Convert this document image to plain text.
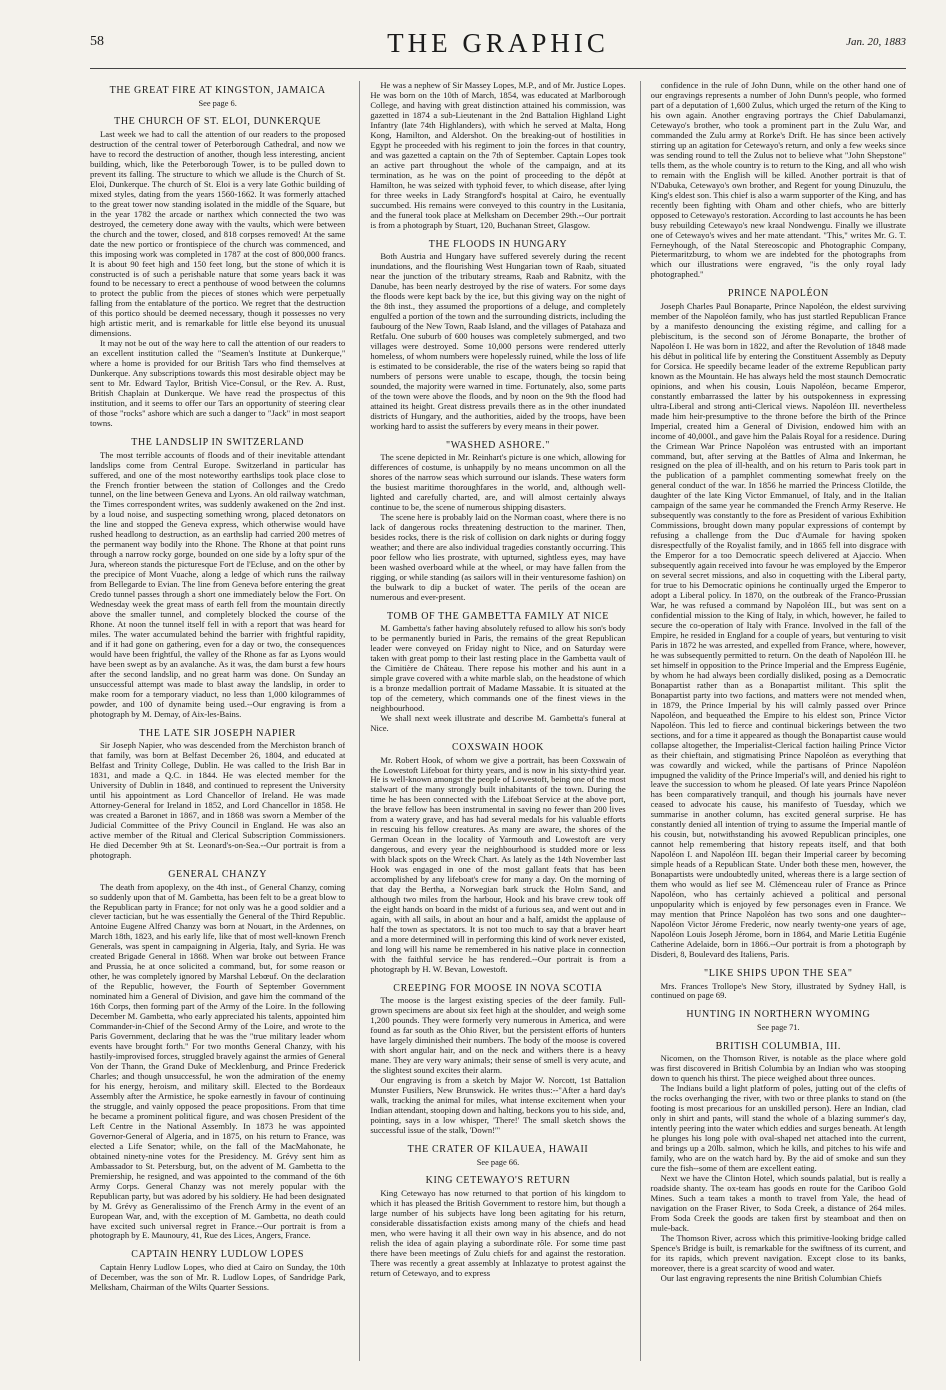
58	THE GRAPHIC	Jan. 20, 1883
THE GREAT FIRE AT KINGSTON, JAMAICA
See page 6.
THE CHURCH OF ST. ELOI, DUNKERQUE

Last week we had to call the attention of our readers to the proposed destruction of the central tower of Peterborough Cathedral, and now we have to record the destruction of another, though less interesting, ancient building, which, like the Peterborough Tower, is to be pulled down to prevent its falling. The structure to which we allude is the Church of St. Eloi, Dunkerque. The church of St. Eloi is a very late Gothic building of mixed styles, dating from the years 1560-1662. It was formerly attached to the great tower now standing isolated in the middle of the Square, but in the year 1782 the arcade or narthex which connected the two was destroyed, the cemetery done away with the vaults, which were between the church and the tower, closed, and 818 corpses removed! At the same date the new portico or frontispiece of the church was commenced, and this imposing work was completed in 1787 at the cost of 800,000 francs. It is about 90 feet high and 150 feet long, but the stone of which it is constructed is of such a perishable nature that some years back it was found to be necessary to erect a penthouse of wood between the columns to protect the public from the pieces of stones which were perpetually falling from the entablature of the portico. We regret that the destruction of this portico should be deemed necessary, though it possesses no very high artistic merit, and is remarkable for little else beyond its unusual dimensions.

It may not be out of the way here to call the attention of our readers to an excellent institution called the "Seamen's Institute at Dunkerque," where a home is provided for our British Tars who find themselves at Dunkerque. Any subscriptions towards this most desirable object may be sent to Mr. Edward Taylor, British Vice-Consul, or the Rev. A. Rust, British Chaplain at Dunkerque. We have read the prospectus of this institution, and it seems to offer our Tars an opportunity of steering clear of those "rocks" ashore which are such a danger to "Jack" in most seaport towns.

THE LANDSLIP IN SWITZERLAND

The most terrible accounts of floods and of their inevitable attendant landslips come from Central Europe. Switzerland in particular has suffered, and one of the most noteworthy earthslips took place close to the French frontier between the station of Collonges and the Credo tunnel, on the line between Geneva and Lyons. An old railway watchman, the Times correspondent writes, was suddenly awakened on the 2nd inst. by a loud noise, and suspecting something wrong, placed detonators on the line and stopped the Geneva express, which otherwise would have rushed headlong to destruction, as an earthslip had carried 200 metres of the permanent way bodily into the Rhone. The Rhone at that point runs through a narrow rocky gorge, bounded on one side by a lofty spur of the Jura, whereon stands the picturesque Fort de l'Ecluse, and on the other by the precipice of Mont Vuache, along a ledge of which runs the railway from Bellegarde to Evian. The line from Geneva before entering the great Credo tunnel passes through a short one immediately below the Fort. On Wednesday week the great mass of earth fell from the mountain directly above the smaller tunnel, and completely blocked the course of the Rhone. At noon the tunnel itself fell in with a report that was heard for miles. The water accumulated behind the barrier with frightful rapidity, and if it had gone on gathering, even for a day or two, the consequences would have been frightful, the valley of the Rhone as far as Lyons would have been swept as by an avalanche. As it was, the dam burst a few hours after the second landslip, and no great harm was done. On Sunday an unsuccessful attempt was made to blast away the landslip, in order to make room for a temporary viaduct, no less than 1,000 kilogrammes of powder, and 100 of dynamite being used.--Our engraving is from a photograph by M. Demay, of Aix-les-Bains.

THE LATE SIR JOSEPH NAPIER

Sir Joseph Napier, who was descended from the Merchiston branch of that family, was born at Belfast December 26, 1804, and educated at Belfast and Trinity College, Dublin. He was called to the Irish Bar in 1831, and made a Q.C. in 1844. He was elected member for the University of Dublin in 1848, and continued to represent the University until his appointment as Lord Chancellor of Ireland. He was made Attorney-General for Ireland in 1852, and Lord Chancellor in 1858. He was created a Baronet in 1867, and in 1868 was sworn a Member of the Judicial Committee of the Privy Council in England. He was also an active member of the Ritual and Clerical Subscription Commissioners. He died December 9th at St. Leonard's-on-Sea.--Our portrait is from a photograph.

GENERAL CHANZY

The death from apoplexy, on the 4th inst., of General Chanzy, coming so suddenly upon that of M. Gambetta, has been felt to be a great blow to the Republican party in France; for not only was he a good soldier and a clever tactician, but he was essentially the General of the Third Republic. Antoine Eugene Alfred Chanzy was born at Nouart, in the Ardennes, on March 18th, 1823, and his early life, like that of most well-known French Generals, was spent in campaigning in Algeria, Italy, and Syria. He was created Brigade General in 1868. When war broke out between France and Prussia, he at once solicited a command, but, for some reason or other, he was completely ignored by Marshal Lebœuf. On the declaration of the Republic, however, the Fourth of September Government nominated him a General of Division, and gave him the command of the 16th Corps, then forming part of the Army of the Loire. In the following December M. Gambetta, who early appreciated his talents, appointed him Commander-in-Chief of the Second Army of the Loire, and wrote to the Paris Government, declaring that he was the "true military leader whom events have brought forth." For two months General Chanzy, with his hastily-improvised forces, struggled bravely against the armies of General Von der Thann, the Grand Duke of Mecklenburg, and Prince Frederick Charles; and though unsuccessful, he won the admiration of the enemy for his energy, heroism, and military skill. Elected to the Bordeaux Assembly after the Armistice, he spoke earnestly in favour of continuing the struggle, and vainly opposed the peace propositions. From that time he became a prominent political figure, and was chosen President of the Left Centre in the National Assembly. In 1873 he was appointed Governor-General of Algeria, and in 1875, on his return to France, was elected a Life Senator; while, on the fall of the MacMahonate, he obtained ninety-nine votes for the Presidency. M. Grévy sent him as Ambassador to St. Petersburg, but, on the advent of M. Gambetta to the Premiership, he resigned, and was appointed to the command of the 6th Army Corps. General Chanzy was not merely popular with the Republican party, but was adored by his soldiery. He had been designated by M. Grévy as Generalissimo of the French Army in the event of an European War, and, with the exception of M. Gambetta, no death could have excited such universal regret in France.--Our portrait is from a photograph by E. Maunoury, 41, Rue des Lices, Angers, France.

CAPTAIN HENRY LUDLOW LOPES

Captain Henry Ludlow Lopes, who died at Cairo on Sunday, the 10th of December, was the son of Mr. R. Ludlow Lopes, of Sandridge Park, Melksham, Chairman of the Wilts Quarter Sessions.

He was a nephew of Sir Massey Lopes, M.P., and of Mr. Justice Lopes. He was born on the 10th of March, 1854, was educated at Marlborough College, and having with great distinction attained his commission, was gazetted in 1874 a sub-Lieutenant in the 2nd Battalion Highland Light Infantry (late 74th Highlanders), with which he served at Malta, Hong Kong, Hamilton, and Aldershot. On the breaking-out of hostilities in Egypt he proceeded with his regiment to join the forces in that country, and was gazetted a captain on the 7th of September. Captain Lopes took an active part throughout the whole of the campaign, and at its termination, as he was on the point of proceeding to the dépôt at Hamilton, he was seized with typhoid fever, to which disease, after lying for three weeks in Lady Strangford's hospital at Cairo, he eventually succumbed. His remains were conveyed to this country in the Lusitania, and the funeral took place at Melksham on December 29th.--Our portrait is from a photograph by Stuart, 120, Buchanan Street, Glasgow.

THE FLOODS IN HUNGARY

Both Austria and Hungary have suffered severely during the recent inundations, and the flourishing West Hungarian town of Raab, situated near the junction of the tributary streams, Raab and Rabnitz, with the Danube, has been nearly destroyed by the rise of waters. For some days the floods were kept back by the ice, but this giving way on the night of the 8th inst., they assumed the proportions of a deluge, and completely engulfed a portion of the town and the surrounding districts, including the faubourg of the New Town, Raab Island, and the villages of Patahaza and Retfalu. One suburb of 600 houses was completely submerged, and two villages were destroyed. Some 10,000 persons were rendered utterly homeless, of whom numbers were hopelessly ruined, while the loss of life is estimated to be considerable, the rise of the waters being so rapid that numbers of persons were unable to escape, though, the tocsin being sounded, the majority were warned in time. Fortunately, also, some parts of the town were above the floods, and by noon on the 9th the flood had attained its height. Great distress prevails there as in the other inundated districts of Hungary, and the authorities, aided by the troops, have been working hard to assist the sufferers by every means in their power.

"WASHED ASHORE."

The scene depicted in Mr. Reinhart's picture is one which, allowing for differences of costume, is unhappily by no means uncommon on all the shores of the narrow seas which surround our islands. These waters form the busiest maritime thoroughfares in the world, and, although well-lighted and carefully charted, are, and will almost certainly always continue to be, the scene of numerous shipping disasters.

The scene here is probably laid on the Norman coast, where there is no lack of dangerous rocks threatening destruction to the mariner. Then, besides rocks, there is the risk of collision on dark nights or during foggy weather; and there are also individual tragedies constantly occurring. This poor fellow who lies prostrate, with upturned, sightless eyes, may have been washed overboard while at the wheel, or may have fallen from the rigging, or while standing (as sailors will in their venturesome fashion) on the bulwark to dip a bucket of water. The perils of the ocean are numerous and ever-present.

TOMB OF THE GAMBETTA FAMILY AT NICE

M. Gambetta's father having absolutely refused to allow his son's body to be permanently buried in Paris, the remains of the great Republican leader were conveyed on Friday night to Nice, and on Saturday were taken with great pomp to their last resting place in the Gambetta vault of the Cimitière de Château. There repose his mother and his aunt in a simple grave covered with a white marble slab, on the headstone of which is a bronze medallion portrait of Madame Massabie. It is situated at the top of the cemetery, which commands one of the finest views in the neighbourhood.

We shall next week illustrate and describe M. Gambetta's funeral at Nice.

COXSWAIN HOOK

Mr. Robert Hook, of whom we give a portrait, has been Coxswain of the Lowestoft Lifeboat for thirty years, and is now in his sixty-third year. He is well-known amongst the people of Lowestoft, being one of the most stalwart of the many strongly built inhabitants of the town. During the time he has been connected with the Lifeboat Service at the above port, the brave fellow has been instrumental in saving no fewer than 200 lives from a watery grave, and has had several medals for his valuable efforts in rescuing his fellow creatures. As many are aware, the shores of the German Ocean in the locality of Yarmouth and Lowestoft are very dangerous, and every year the neighbourhood is studded more or less with black spots on the Wreck Chart. As lately as the 14th November last Hook was engaged in one of the most gallant feats that has been accomplished by any lifeboat's crew for many a day. On the morning of that day the Bertha, a Norwegian bark struck the Holm Sand, and although two miles from the harbour, Hook and his brave crew took off the eight hands on board in the midst of a furious sea, and went out and in again, with all sails, in about an hour and a half, amidst the applause of half the town as spectators. It is not too much to say that a braver heart and a more determined will in performing this kind of work never existed, and long will his name be remembered in his native place in connection with the faithful service he has rendered.--Our portrait is from a photograph by H. W. Bevan, Lowestoft.

CREEPING FOR MOOSE IN NOVA SCOTIA

The moose is the largest existing species of the deer family. Full-grown specimens are about six feet high at the shoulder, and weigh some 1,200 pounds. They were formerly very numerous in America, and were found as far south as the Ohio River, but the persistent efforts of hunters have largely diminished their numbers. The body of the moose is covered with short angular hair, and on the neck and withers there is a heavy mane. They are very wary animals; their sense of smell is very acute, and the slightest sound excites their alarm.

Our engraving is from a sketch by Major W. Norcott, 1st Battalion Munster Fusiliers, New Brunswick. He writes thus:--"After a hard day's walk, tracking the animal for miles, what intense excitement when your Indian attendant, stooping down and halting, beckons you to his side, and, pointing, says in a low whisper, 'There!' The small sketch shows the successful issue of the stalk, 'Down!'"

THE CRATER OF KILAUEA, HAWAII
See page 66.
KING CETEWAYO'S RETURN

King Cetewayo has now returned to that portion of his kingdom to which it has pleased the British Government to restore him, but though a large number of his subjects have long been agitating for his return, considerable dissatisfaction exists among many of the chiefs and head men, who were having it all their own way in his absence, and do not relish the idea of again playing a subordinate rôle. For some time past there have been meetings of Zulu chiefs for and against the restoration. There was recently a great assembly at Inhlazatye to protest against the return of Cetewayo, and to express

confidence in the rule of John Dunn, while on the other hand one of our engravings represents a number of John Dunn's people, who formed part of a deputation of 1,600 Zulus, which urged the return of the King to his own again. Another engraving portrays the Chief Dabulamanzi, Cetewayo's brother, who took a prominent part in the Zulu War, and commanded the Zulu army at Rorke's Drift. He has since been actively stirring up an agitation for Cetewayo's return, and only a few weeks since was sending round to tell the Zulus not to believe what "John Shepstone" tells them, as the whole country is to return to the King, and all who wish to remain with the English will be killed. Another portrait is that of N'Dabuka, Cetewayo's own brother, and Regent for young Dinuzulu, the King's eldest son. This chief is also a warm supporter of the King, and has recently been fighting with Oham and other chiefs, who are bitterly opposed to Cetewayo's restoration. According to last accounts he has been busy rebuilding Cetewayo's new kraal Nondwengu. Finally we illustrate one of Cetewayo's wives and her mate attendant. "This," writes Mr. G. T. Ferneyhough, of the Natal Stereoscopic and Photographic Company, Pietermaritzburg, to whom we are indebted for the photographs from which our illustrations were engraved, "is the only royal lady photographed."

PRINCE NAPOLÉON

Joseph Charles Paul Bonaparte, Prince Napoléon, the eldest surviving member of the Napoléon family, who has just startled Republican France by a manifesto denouncing the existing régime, and calling for a plebiscitum, is the second son of Jérome Bonaparte, the brother of Napoléon I. He was born in 1822, and after the Revolution of 1848 made his début in political life by entering the Constituent Assembly as Deputy for Corsica. He speedily became leader of the extreme Republican party known as the Mountain. He has always held the most staunch Democratic opinions, and when his cousin, Louis Napoléon, became Emperor, constantly embarrassed the latter by his outspokenness in expressing ultra-Liberal and strong anti-Clerical views. Napoléon III. nevertheless made him heir-presumptive to the throne before the birth of the Prince Imperial, created him a General of Division, endowed him with an income of 40,000l., and gave him the Palais Royal for a residence. During the Crimean War Prince Napoléon was entrusted with an important command, but, after serving at the Battles of Alma and Inkerman, he resigned on the plea of ill-health, and on his return to Paris took part in the publication of a pamphlet commenting somewhat freely on the general conduct of the war. In 1856 he married the Princess Clotilde, the daughter of the late King Victor Emmanuel, of Italy, and in the Italian campaign of the same year he commanded the French Army Reserve. He subsequently was constantly to the fore as President of various Exhibition Commissions, brought down many popular expressions of contempt by refusing a challenge from the Duc d'Aumale for having spoken disrespectfully of the Royalist family, and in 1865 fell into disgrace with the Emperor for a too Democratic speech delivered at Ajaccio. When subsequently again received into favour he was employed by the Emperor on several secret missions, and also in coquetting with the Liberal party, for true to his Democratic opinions he continually urged the Emperor to adopt a Liberal policy. In 1870, on the outbreak of the Franco-Prussian War, he was refused a command by Napoléon III., but was sent on a confidential mission to the King of Italy, in which, however, he failed to secure the co-operation of Italy with France. Involved in the fall of the Empire, he resided in England for a couple of years, but venturing to visit Paris in 1872 he was arrested, and expelled from France, where, however, he was subsequently permitted to return. On the death of Napoléon III. he set himself in opposition to the Prince Imperial and the Empress Eugénie, by whom he had always been cordially disliked, posing as a Democratic Bonapartist rather than as a Bonapartist militant. This split the Bonapartist party into two factions, and matters were not mended when, in 1879, the Prince Imperial by his will calmly passed over Prince Napoléon, and bequeathed the Empire to his eldest son, Prince Victor Napoléon. This led to fierce and continual bickerings between the two sections, and for a time it appeared as though the Bonapartist cause would collapse altogether, the Imperialist-Clerical faction hailing Prince Victor as their chieftain, and stigmatising Prince Napoléon as everything that was cowardly and wicked, while the partisans of Prince Napoléon impugned the validity of the Prince Imperial's will, and denied his right to leave the succession to whom he pleased. Of late years Prince Napoléon has been comparatively tranquil, and though his journals have never ceased to advocate his cause, his manifesto of Tuesday, which we summarise in another column, has excited general surprise. He has constantly denied all intention of trying to assume the Imperial mantle of his cousin, but, notwithstanding his avowed Republican principles, one cannot help remembering that history repeats itself, and that both Napoléon I. and Napoléon III. began their Imperial career by becoming simple heads of a Republican State. Under both these men, however, the Bonapartists were undoubtedly united, whereas there is a large section of them who would as lief see M. Clémenceau ruler of France as Prince Napoléon, who has certainly achieved a political and personal unpopularity which is enjoyed by few personages even in France. We may mention that Prince Napoléon has two sons and one daughter--Napoléon Victor Jérome Frederic, now nearly twenty-one years of age, Napoléon Louis Joseph Jérome, born in 1864, and Marie Letitia Eugénie Catherine Adelaide, born in 1866.--Our portrait is from a photograph by Disderi, 8, Boulevard des Italiens, Paris.

"LIKE SHIPS UPON THE SEA"

Mrs. Frances Trollope's New Story, illustrated by Sydney Hall, is continued on page 69.

HUNTING IN NORTHERN WYOMING
See page 71.
BRITISH COLUMBIA, III.

Nicomen, on the Thomson River, is notable as the place where gold was first discovered in British Columbia by an Indian who was stooping down to quench his thirst. The piece weighed about three ounces.

The Indians build a light platform of poles, jutting out of the clefts of the rocks overhanging the river, with two or three planks to stand on (the footing is most precarious for an unskilled person). Here an Indian, clad only in shirt and pants, will stand the whole of a blazing summer's day, intently peering into the water which eddies and surges beneath. At length he plunges his long pole with oval-shaped net attached into the current, and brings up a 20lb. salmon, which he kills, and pitches to his wife and family, who are on the watch hard by. By the aid of smoke and sun they cure the fish--some of them are excellent eating.

Next we have the Clinton Hotel, which sounds palatial, but is really a roadside shanty. The ox-team has goods en route for the Cariboo Gold Mines. Such a team takes a month to travel from Yale, the head of navigation on the Fraser River, to Soda Creek, a distance of 264 miles. From Soda Creek the goods are taken first by steamboat and then on mule-back.

The Thomson River, across which this primitive-looking bridge called Spence's Bridge is built, is remarkable for the swiftness of its current, and for its rapids, which prevent navigation. Except close to its banks, moreover, there is a great scarcity of wood and water.

Our last engraving represents the nine British Columbian Chiefs
